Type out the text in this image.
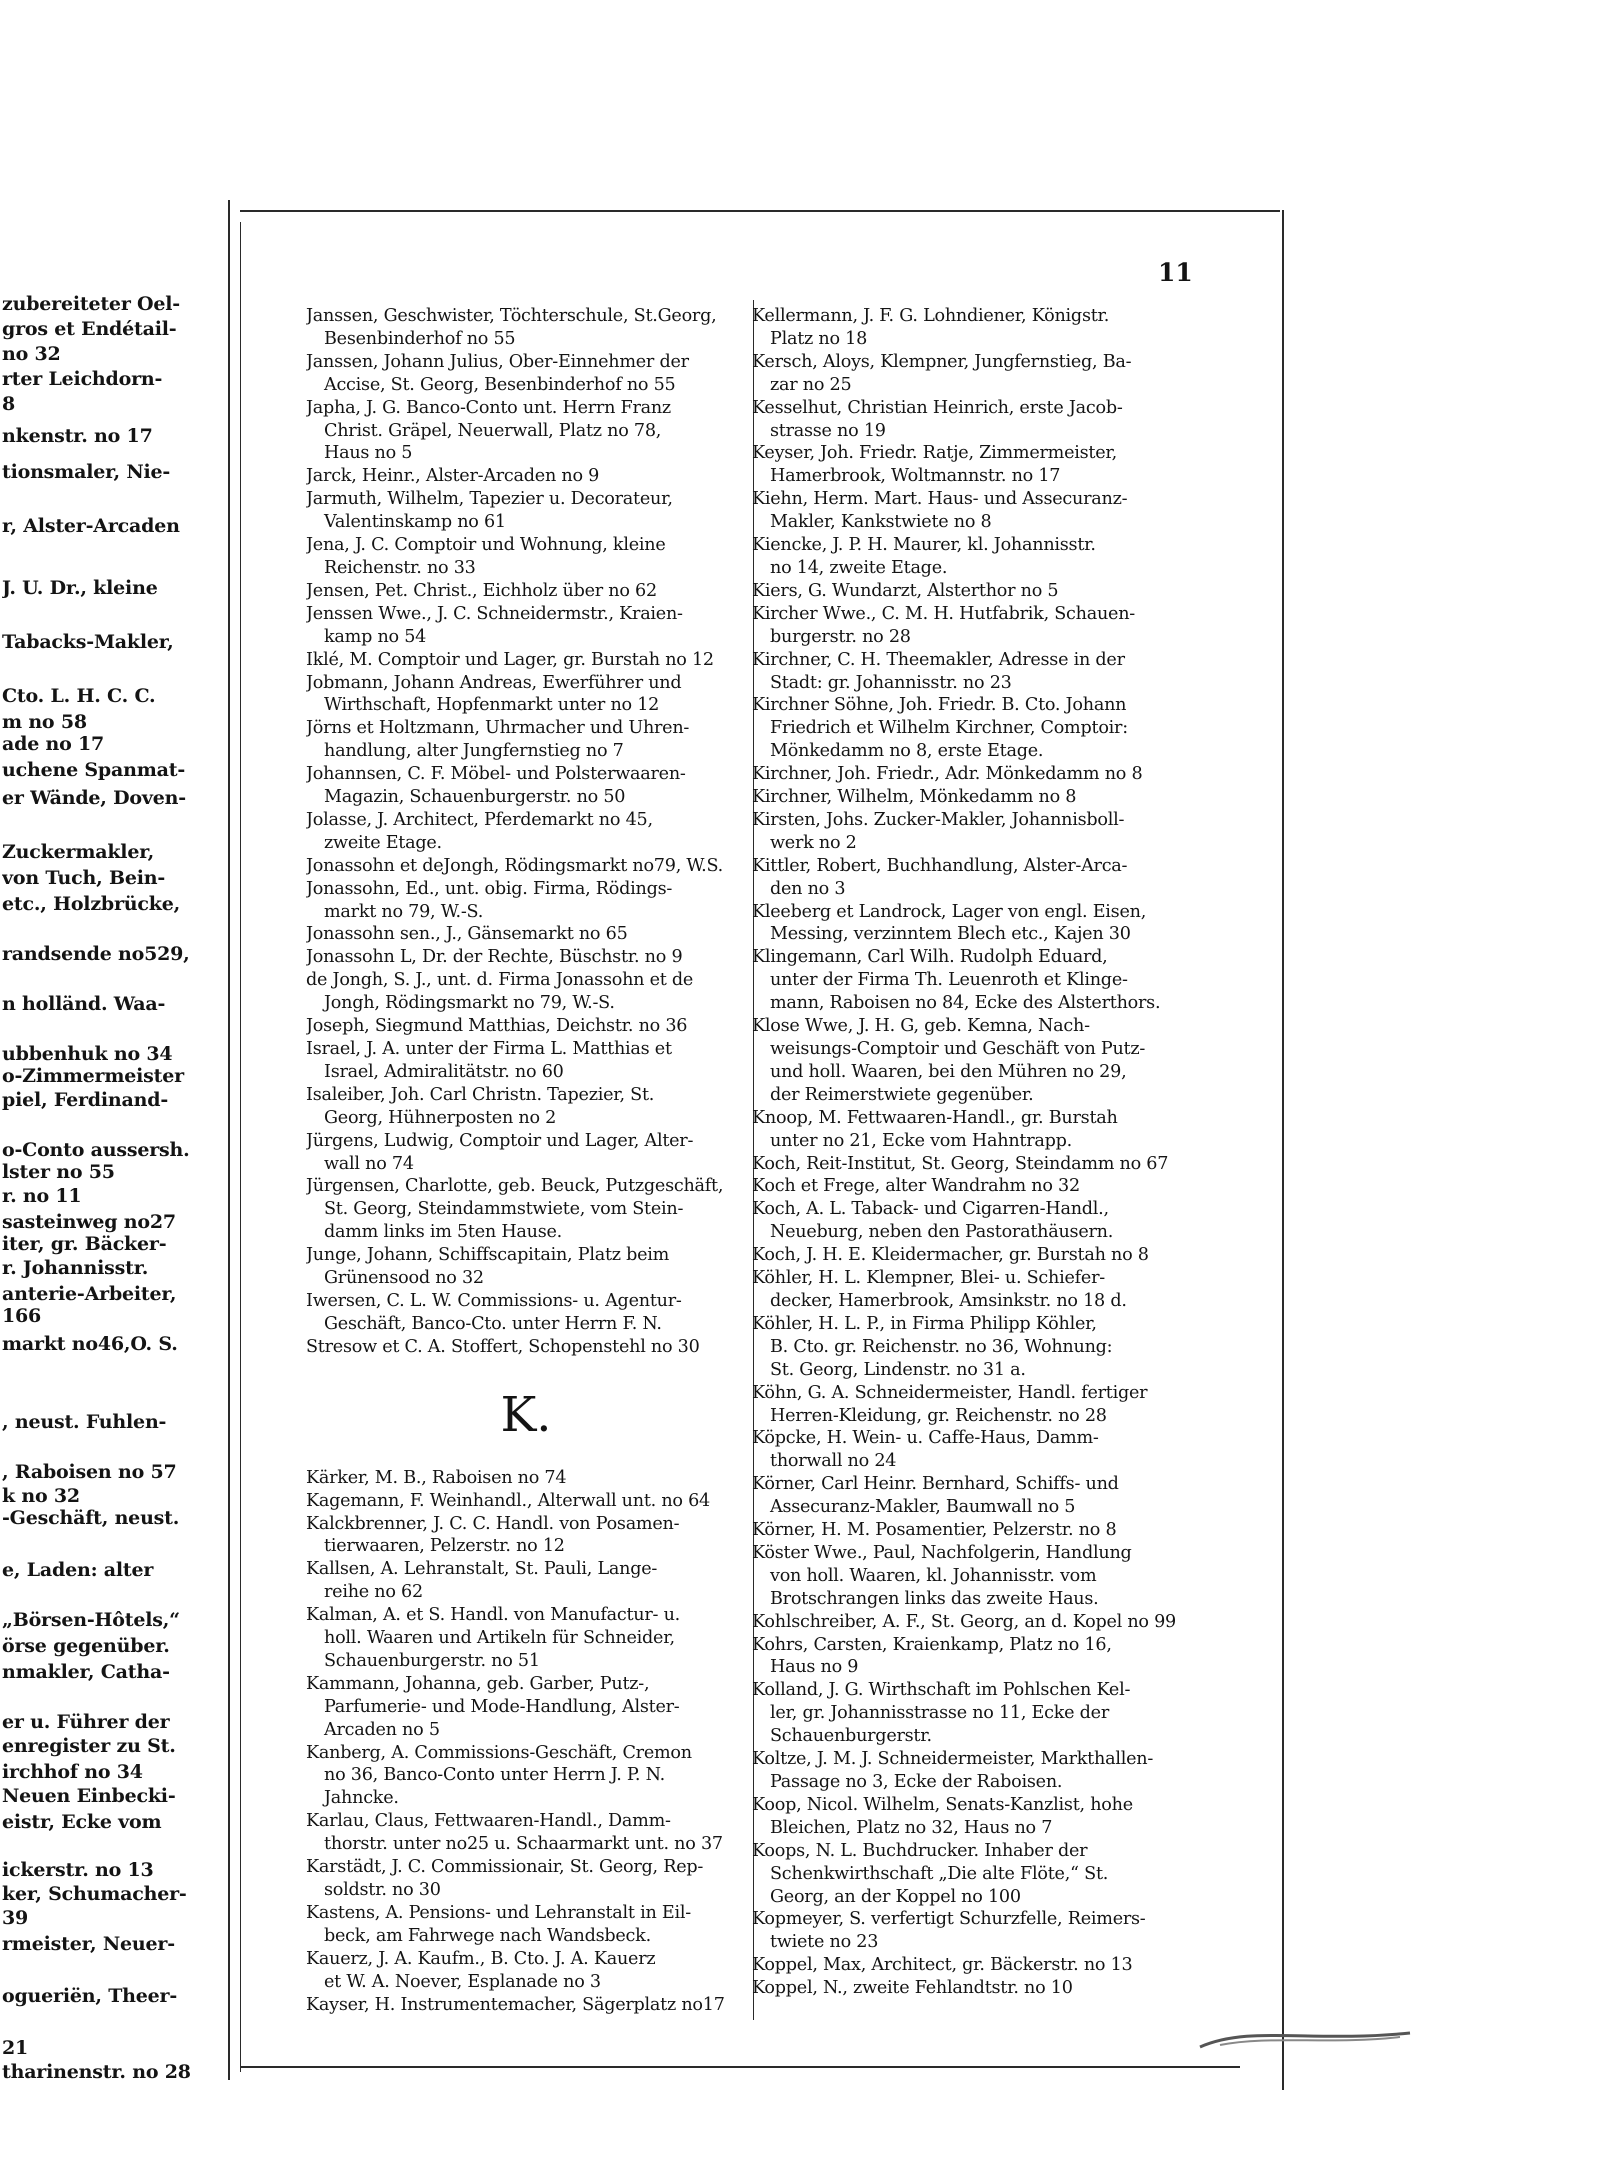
zubereiteter Oel-
gros et Endétail-
no 32
rter Leichdorn-
8
nkenstr. no 17
tionsmaler, Nie-
r, Alster-Arcaden
J. U. Dr., kleine
Tabacks-Makler,
Cto. L. H. C. C.
m no 58
ade no 17
uchene Spanmat-
er Wände, Doven-
Zuckermakler,
von Tuch, Bein-
etc., Holzbrücke,
randsende no529,
n holländ. Waa-
ubbenhuk no 34
o-Zimmermeister
piel, Ferdinand-
o-Conto aussersh.
lster no 55
r. no 11
sasteinweg no27
iter, gr. Bäcker-
r. Johannisstr.
anterie-Arbeiter,
166
markt no46,O. S.
, neust. Fuhlen-
, Raboisen no 57
k no 32
-Geschäft, neust.
e, Laden: alter
„Börsen-Hôtels,“
örse gegenüber.
nmakler, Catha-
er u. Führer der
enregister zu St.
irchhof no 34
Neuen Einbecki-
eistr, Ecke vom
ickerstr. no 13
ker, Schumacher-
39
rmeister, Neuer-
ogueriën, Theer-
21
tharinenstr. no 28
11
Janssen, Geschwister, Töchterschule, St.Georg,
Besenbinderhof no 55
Janssen, Johann Julius, Ober-Einnehmer der
Accise, St. Georg, Besenbinderhof no 55
Japha, J. G. Banco-Conto unt. Herrn Franz
Christ. Gräpel, Neuerwall, Platz no 78,
Haus no 5
Jarck, Heinr., Alster-Arcaden no 9
Jarmuth, Wilhelm, Tapezier u. Decorateur,
Valentinskamp no 61
Jena, J. C. Comptoir und Wohnung, kleine
Reichenstr. no 33
Jensen, Pet. Christ., Eichholz über no 62
Jenssen Wwe., J. C. Schneidermstr., Kraien-
kamp no 54
Iklé, M. Comptoir und Lager, gr. Burstah no 12
Jobmann, Johann Andreas, Ewerführer und
Wirthschaft, Hopfenmarkt unter no 12
Jörns et Holtzmann, Uhrmacher und Uhren-
handlung, alter Jungfernstieg no 7
Johannsen, C. F. Möbel- und Polsterwaaren-
Magazin, Schauenburgerstr. no 50
Jolasse, J. Architect, Pferdemarkt no 45,
zweite Etage.
Jonassohn et deJongh, Rödingsmarkt no79, W.S.
Jonassohn, Ed., unt. obig. Firma, Rödings-
markt no 79, W.-S.
Jonassohn sen., J., Gänsemarkt no 65
Jonassohn L, Dr. der Rechte, Büschstr. no 9
de Jongh, S. J., unt. d. Firma Jonassohn et de
Jongh, Rödingsmarkt no 79, W.-S.
Joseph, Siegmund Matthias, Deichstr. no 36
Israel, J. A. unter der Firma L. Matthias et
Israel, Admiralitätstr. no 60
Isaleiber, Joh. Carl Christn. Tapezier, St.
Georg, Hühnerposten no 2
Jürgens, Ludwig, Comptoir und Lager, Alter-
wall no 74
Jürgensen, Charlotte, geb. Beuck, Putzgeschäft,
St. Georg, Steindammstwiete, vom Stein-
damm links im 5ten Hause.
Junge, Johann, Schiffscapitain, Platz beim
Grünensood no 32
Iwersen, C. L. W. Commissions- u. Agentur-
Geschäft, Banco-Cto. unter Herrn F. N.
Stresow et C. A. Stoffert, Schopenstehl no 30
K.
Kärker, M. B., Raboisen no 74
Kagemann, F. Weinhandl., Alterwall unt. no 64
Kalckbrenner, J. C. C. Handl. von Posamen-
tierwaaren, Pelzerstr. no 12
Kallsen, A. Lehranstalt, St. Pauli, Lange-
reihe no 62
Kalman, A. et S. Handl. von Manufactur- u.
holl. Waaren und Artikeln für Schneider,
Schauenburgerstr. no 51
Kammann, Johanna, geb. Garber, Putz-,
Parfumerie- und Mode-Handlung, Alster-
Arcaden no 5
Kanberg, A. Commissions-Geschäft, Cremon
no 36, Banco-Conto unter Herrn J. P. N.
Jahncke.
Karlau, Claus, Fettwaaren-Handl., Damm-
thorstr. unter no25 u. Schaarmarkt unt. no 37
Karstädt, J. C. Commissionair, St. Georg, Rep-
soldstr. no 30
Kastens, A. Pensions- und Lehranstalt in Eil-
beck, am Fahrwege nach Wandsbeck.
Kauerz, J. A. Kaufm., B. Cto. J. A. Kauerz
et W. A. Noever, Esplanade no 3
Kayser, H. Instrumentemacher, Sägerplatz no17
Kellermann, J. F. G. Lohndiener, Königstr.
Platz no 18
Kersch, Aloys, Klempner, Jungfernstieg, Ba-
zar no 25
Kesselhut, Christian Heinrich, erste Jacob-
strasse no 19
Keyser, Joh. Friedr. Ratje, Zimmermeister,
Hamerbrook, Woltmannstr. no 17
Kiehn, Herm. Mart. Haus- und Assecuranz-
Makler, Kankstwiete no 8
Kiencke, J. P. H. Maurer, kl. Johannisstr.
no 14, zweite Etage.
Kiers, G. Wundarzt, Alsterthor no 5
Kircher Wwe., C. M. H. Hutfabrik, Schauen-
burgerstr. no 28
Kirchner, C. H. Theemakler, Adresse in der
Stadt: gr. Johannisstr. no 23
Kirchner Söhne, Joh. Friedr. B. Cto. Johann
Friedrich et Wilhelm Kirchner, Comptoir:
Mönkedamm no 8, erste Etage.
Kirchner, Joh. Friedr., Adr. Mönkedamm no 8
Kirchner, Wilhelm, Mönkedamm no 8
Kirsten, Johs. Zucker-Makler, Johannisboll-
werk no 2
Kittler, Robert, Buchhandlung, Alster-Arca-
den no 3
Kleeberg et Landrock, Lager von engl. Eisen,
Messing, verzinntem Blech etc., Kajen 30
Klingemann, Carl Wilh. Rudolph Eduard,
unter der Firma Th. Leuenroth et Klinge-
mann, Raboisen no 84, Ecke des Alsterthors.
Klose Wwe, J. H. G, geb. Kemna, Nach-
weisungs-Comptoir und Geschäft von Putz-
und holl. Waaren, bei den Mühren no 29,
der Reimerstwiete gegenüber.
Knoop, M. Fettwaaren-Handl., gr. Burstah
unter no 21, Ecke vom Hahntrapp.
Koch, Reit-Institut, St. Georg, Steindamm no 67
Koch et Frege, alter Wandrahm no 32
Koch, A. L. Taback- und Cigarren-Handl.,
Neueburg, neben den Pastorathäusern.
Koch, J. H. E. Kleidermacher, gr. Burstah no 8
Köhler, H. L. Klempner, Blei- u. Schiefer-
decker, Hamerbrook, Amsinkstr. no 18 d.
Köhler, H. L. P., in Firma Philipp Köhler,
B. Cto. gr. Reichenstr. no 36, Wohnung:
St. Georg, Lindenstr. no 31 a.
Köhn, G. A. Schneidermeister, Handl. fertiger
Herren-Kleidung, gr. Reichenstr. no 28
Köpcke, H. Wein- u. Caffe-Haus, Damm-
thorwall no 24
Körner, Carl Heinr. Bernhard, Schiffs- und
Assecuranz-Makler, Baumwall no 5
Körner, H. M. Posamentier, Pelzerstr. no 8
Köster Wwe., Paul, Nachfolgerin, Handlung
von holl. Waaren, kl. Johannisstr. vom
Brotschrangen links das zweite Haus.
Kohlschreiber, A. F., St. Georg, an d. Kopel no 99
Kohrs, Carsten, Kraienkamp, Platz no 16,
Haus no 9
Kolland, J. G. Wirthschaft im Pohlschen Kel-
ler, gr. Johannisstrasse no 11, Ecke der
Schauenburgerstr.
Koltze, J. M. J. Schneidermeister, Markthallen-
Passage no 3, Ecke der Raboisen.
Koop, Nicol. Wilhelm, Senats-Kanzlist, hohe
Bleichen, Platz no 32, Haus no 7
Koops, N. L. Buchdrucker. Inhaber der
Schenkwirthschaft „Die alte Flöte,“ St.
Georg, an der Koppel no 100
Kopmeyer, S. verfertigt Schurzfelle, Reimers-
twiete no 23
Koppel, Max, Architect, gr. Bäckerstr. no 13
Koppel, N., zweite Fehlandtstr. no 10
